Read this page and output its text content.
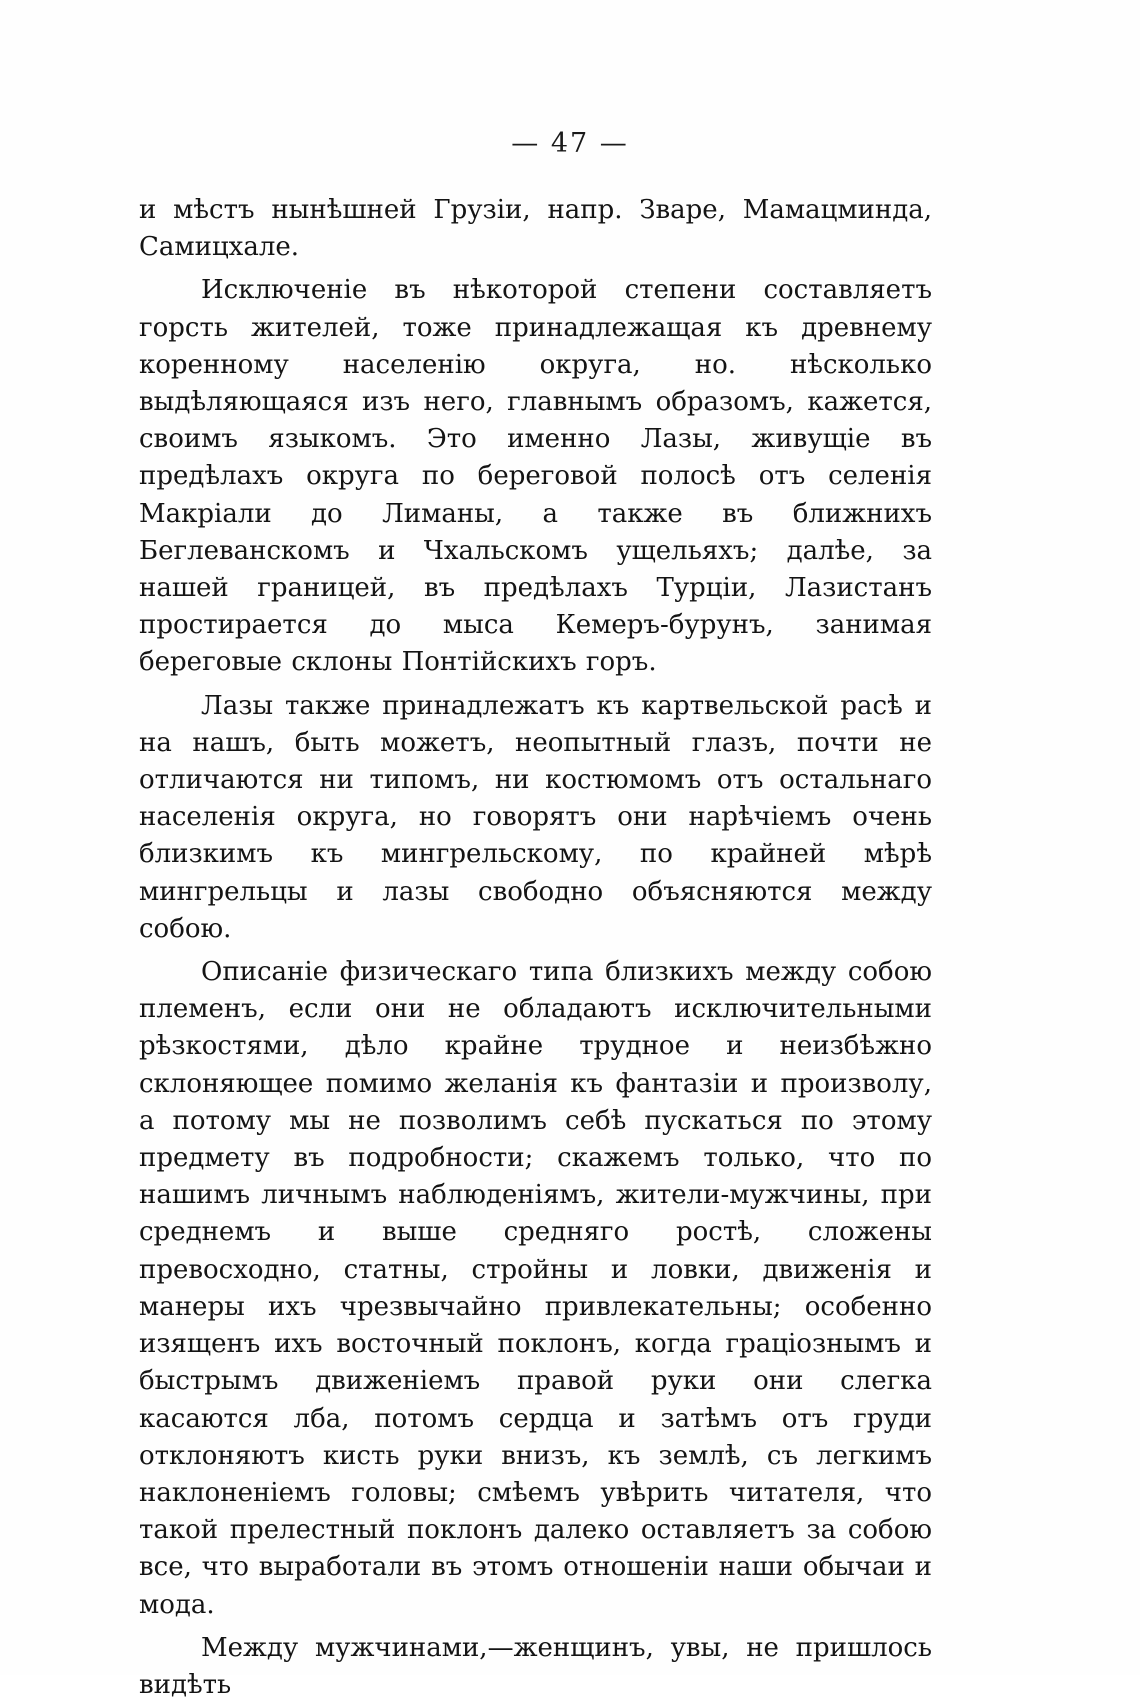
— 47 —

и мѣстъ нынѣшней Грузіи, напр. Зваре, Мамацминда, Самицхале.

Исключеніе въ нѣкоторой степени составляетъ горсть жителей, тоже принадлежащая къ древнему коренному населенію округа, но. нѣсколько выдѣляющаяся изъ него, главнымъ образомъ, кажется, своимъ языкомъ. Это именно Лазы, живущіе въ предѣлахъ округа по береговой полосѣ отъ селенія Макріали до Лиманы, а также въ ближнихъ Беглеванскомъ и Чхальскомъ ущельяхъ; далѣе, за нашей границей, въ предѣлахъ Турціи, Лазистанъ простирается до мыса Кемеръ-бурунъ, занимая береговые склоны Понтійскихъ горъ.

Лазы также принадлежатъ къ картвельской расѣ и на нашъ, быть можетъ, неопытный глазъ, почти не отличаются ни типомъ, ни костюмомъ отъ остальнаго населенія округа, но говорятъ они нарѣчіемъ очень близкимъ къ мингрельскому, по крайней мѣрѣ мингрельцы и лазы свободно объясняются между собою.

Описаніе физическаго типа близкихъ между собою племенъ, если они не обладаютъ исключительными рѣзкостями, дѣло крайне трудное и неизбѣжно склоняющее помимо желанія къ фантазіи и произволу, а потому мы не позволимъ себѣ пускаться по этому предмету въ подробности; скажемъ только, что по нашимъ личнымъ наблюденіямъ, жители-мужчины, при среднемъ и выше средняго ростѣ, сложены превосходно, статны, стройны и ловки, движенія и манеры ихъ чрезвычайно привлекательны; особенно изященъ ихъ восточный поклонъ, когда граціознымъ и быстрымъ движеніемъ правой руки они слегка касаются лба, потомъ сердца и затѣмъ отъ груди отклоняютъ кисть руки внизъ, къ землѣ, съ легкимъ наклоненіемъ головы; смѣемъ увѣрить читателя, что такой прелестный поклонъ далеко оставляетъ за собою все, что выработали въ этомъ отношеніи наши обычаи и мода.

Между мужчинами,—женщинъ, увы, не пришлось видѣть
